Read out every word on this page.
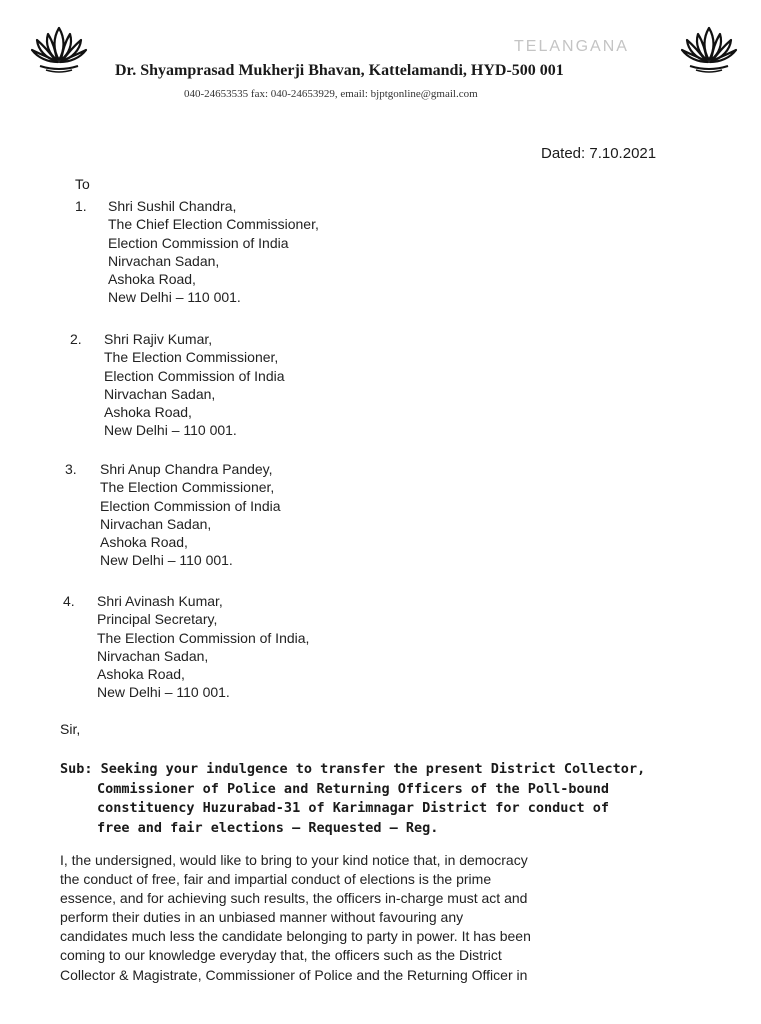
TELANGANA
Dr. Shyamprasad Mukherji Bhavan, Kattelamandi, HYD-500 001
040-24653535 fax: 040-24653929, email: bjptgonline@gmail.com
Dated: 7.10.2021
To
1. Shri Sushil Chandra,
The Chief Election Commissioner,
Election Commission of India
Nirvachan Sadan,
Ashoka Road,
New Delhi – 110 001.
2. Shri Rajiv Kumar,
The Election Commissioner,
Election Commission of India
Nirvachan Sadan,
Ashoka Road,
New Delhi – 110 001.
3. Shri Anup Chandra Pandey,
The Election Commissioner,
Election Commission of India
Nirvachan Sadan,
Ashoka Road,
New Delhi – 110 001.
4. Shri Avinash Kumar,
Principal Secretary,
The Election Commission of India,
Nirvachan Sadan,
Ashoka Road,
New Delhi – 110 001.
Sir,
Sub: Seeking your indulgence to transfer the present District Collector,
Commissioner of Police and Returning Officers of the Poll-bound
constituency Huzurabad-31 of Karimnagar District for conduct of
free and fair elections – Requested – Reg.
I, the undersigned, would like to bring to your kind notice that, in democracy
the conduct of free, fair and impartial conduct of elections is the prime
essence, and for achieving such results, the officers in-charge must act and
perform their duties in an unbiased manner without favouring any
candidates much less the candidate belonging to party in power. It has been
coming to our knowledge everyday that, the officers such as the District
Collector & Magistrate, Commissioner of Police and the Returning Officer in
